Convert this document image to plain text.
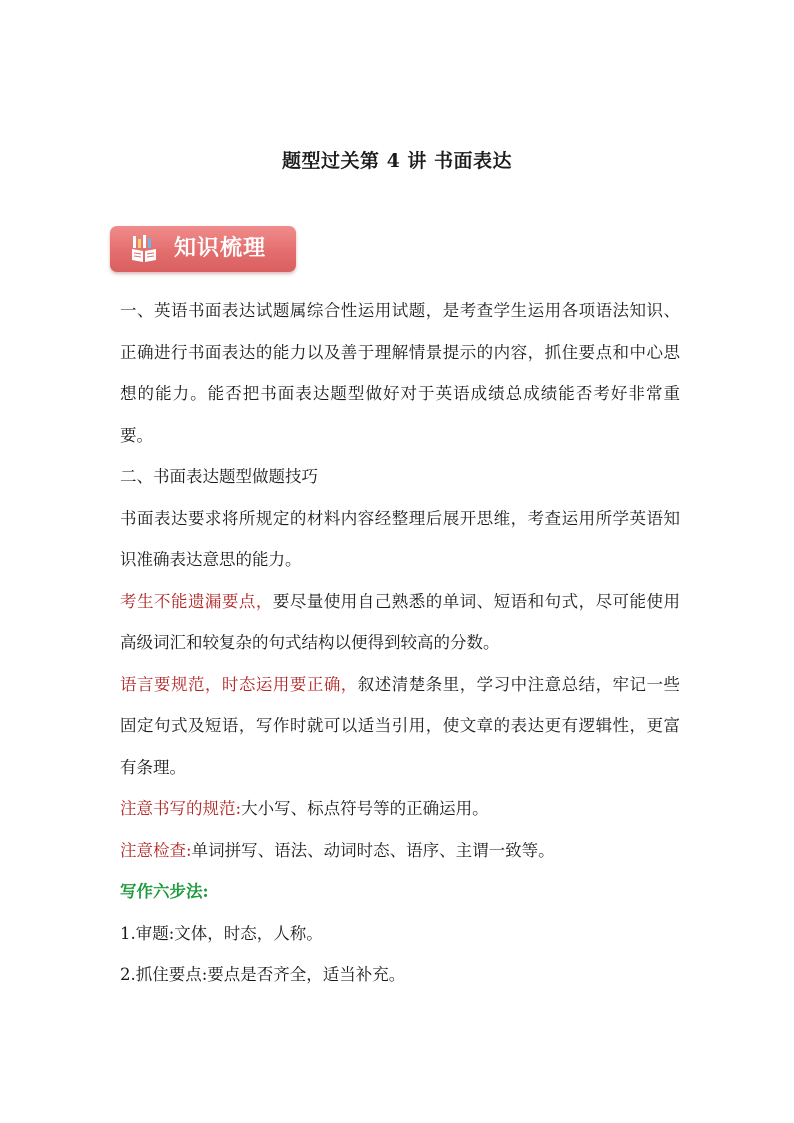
题型过关第 4 讲 书面表达
知识梳理

一、英语书面表达试题属综合性运用试题，是考查学生运用各项语法知识、正确进行书面表达的能力以及善于理解情景提示的内容，抓住要点和中心思想的能力。能否把书面表达题型做好对于英语成绩总成绩能否考好非常重要。

二、书面表达题型做题技巧

书面表达要求将所规定的材料内容经整理后展开思维，考查运用所学英语知识准确表达意思的能力。

考生不能遗漏要点，要尽量使用自己熟悉的单词、短语和句式，尽可能使用高级词汇和较复杂的句式结构以便得到较高的分数。

语言要规范，时态运用要正确，叙述清楚条里，学习中注意总结，牢记一些固定句式及短语，写作时就可以适当引用，使文章的表达更有逻辑性，更富有条理。

注意书写的规范:大小写、标点符号等的正确运用。

注意检查:单词拼写、语法、动词时态、语序、主谓一致等。

写作六步法:

1.审题:文体，时态，人称。

2.抓住要点:要点是否齐全，适当补充。
